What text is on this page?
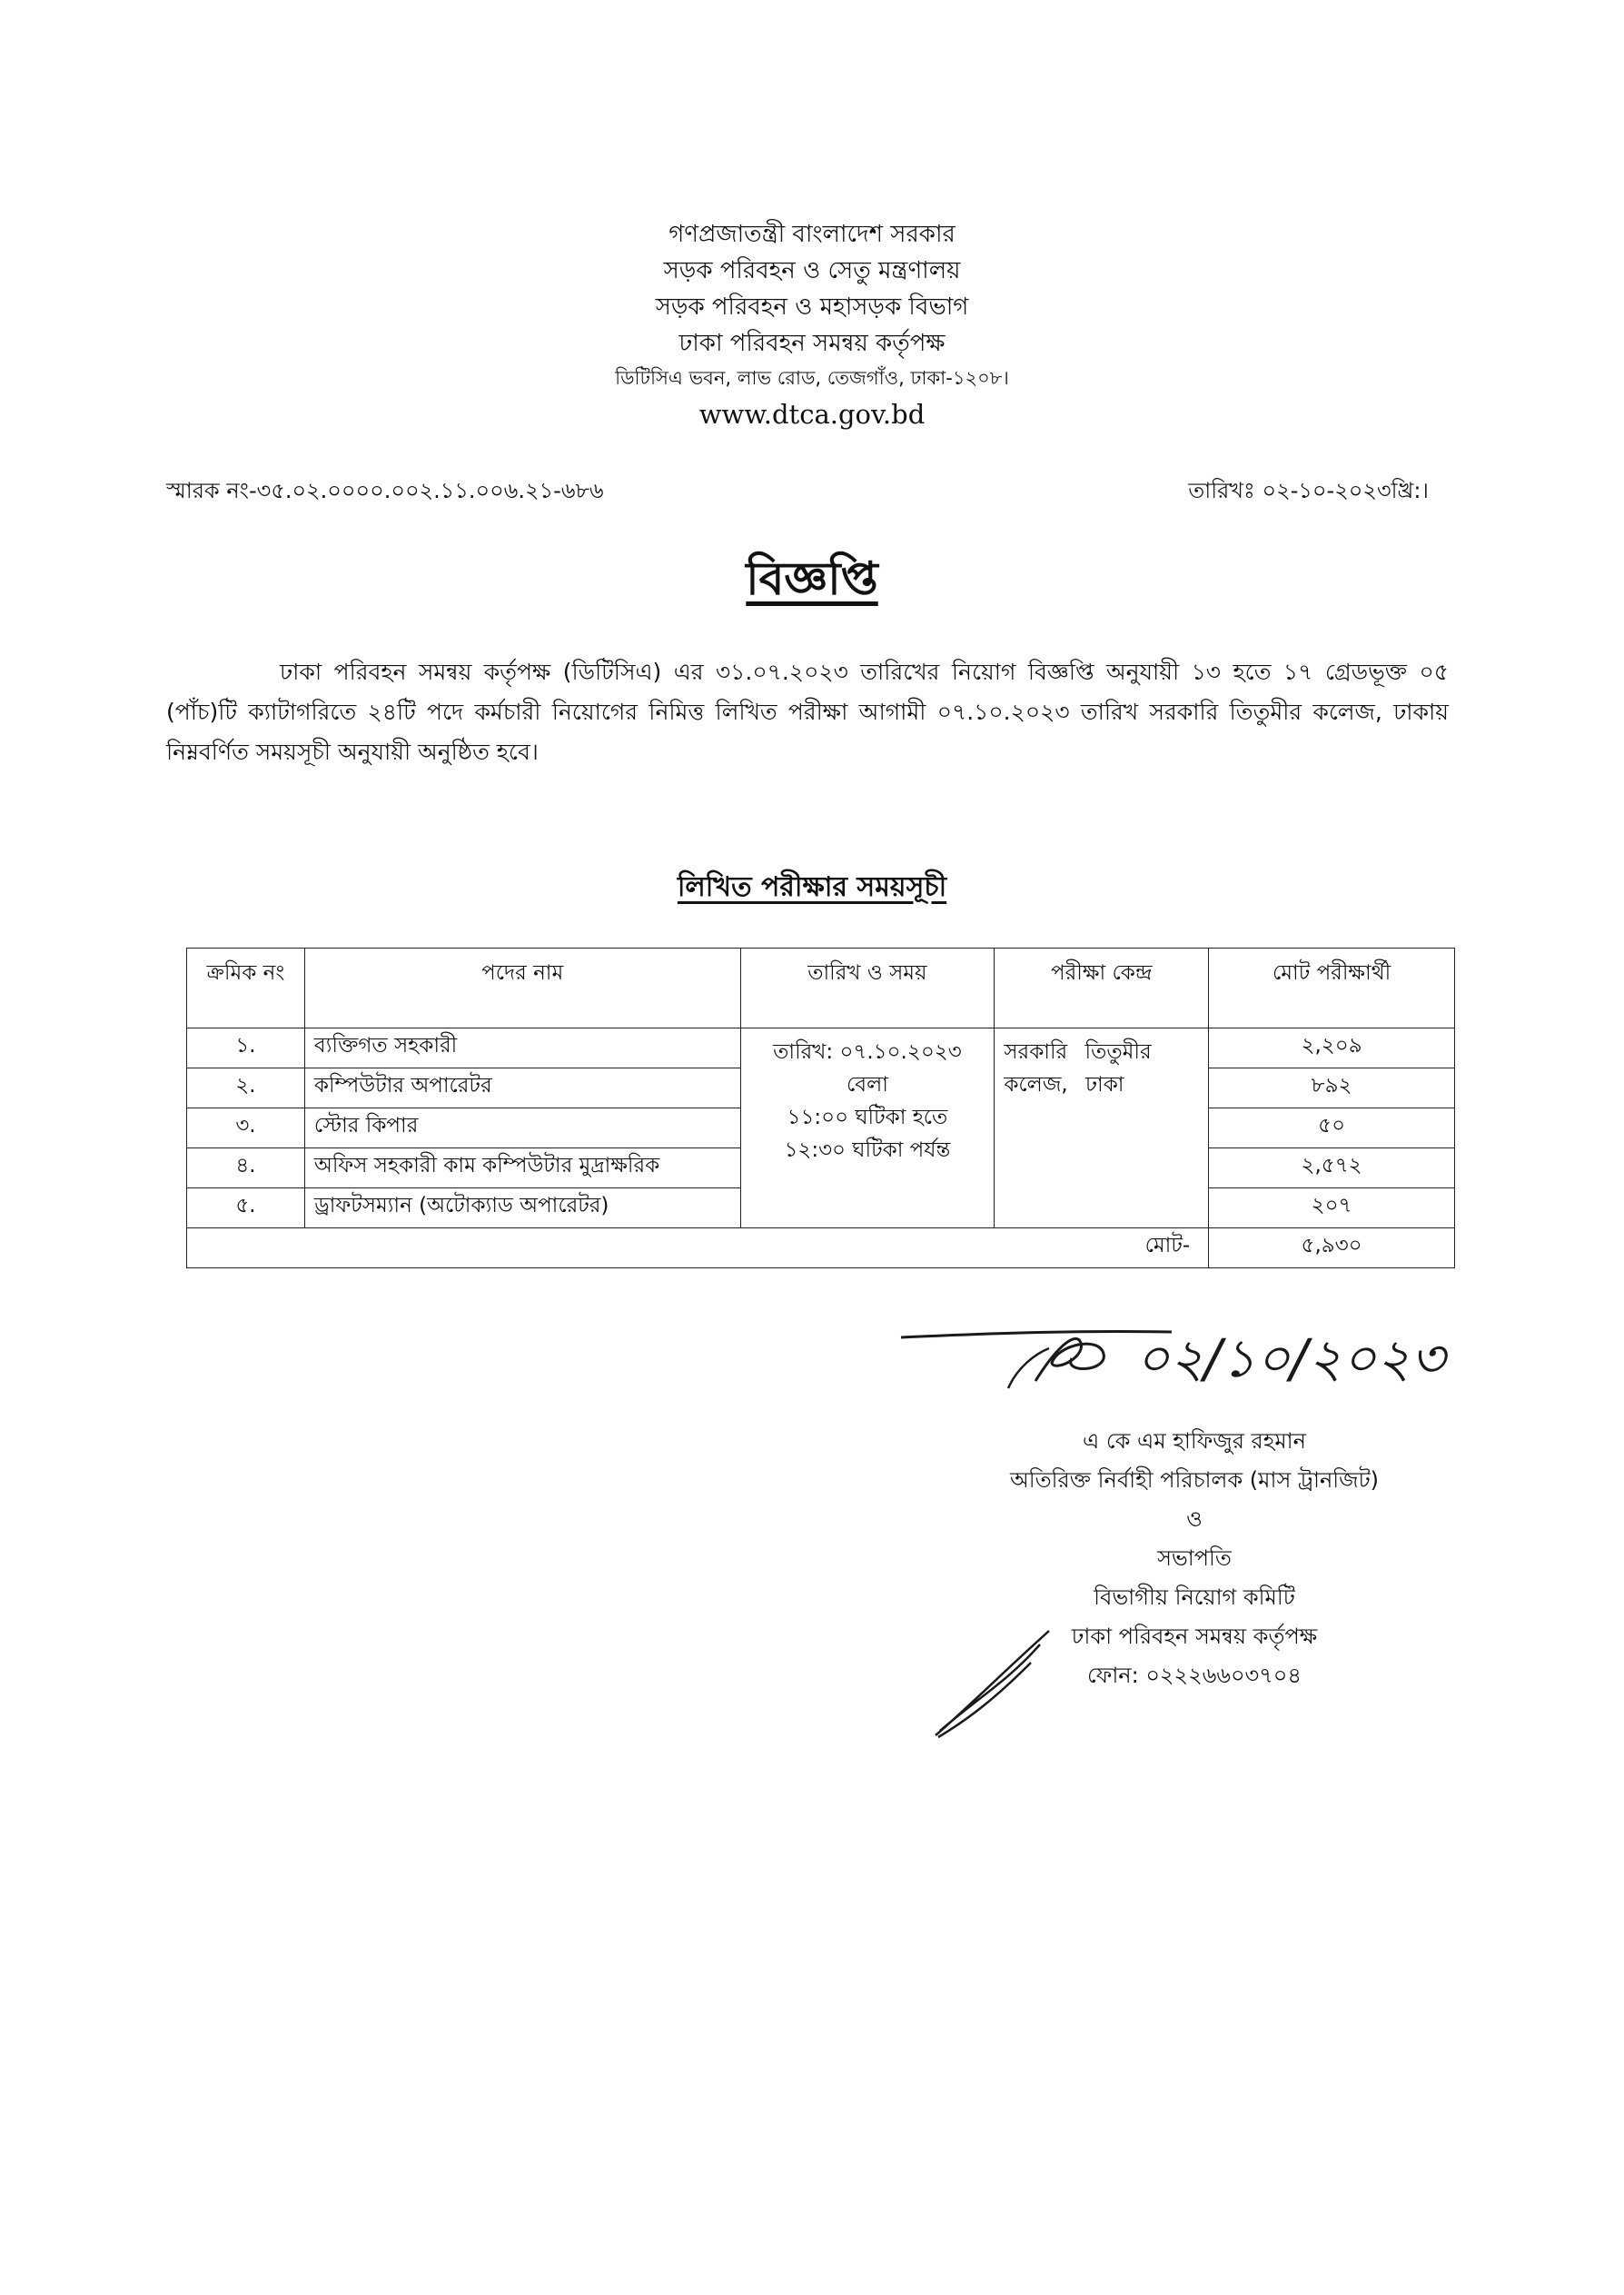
গণপ্রজাতন্ত্রী বাংলাদেশ সরকার
সড়ক পরিবহন ও সেতু মন্ত্রণালয়
সড়ক পরিবহন ও মহাসড়ক বিভাগ
ঢাকা পরিবহন সমন্বয় কর্তৃপক্ষ
ডিটিসিএ ভবন, লাভ রোড, তেজগাঁও, ঢাকা-১২০৮।
www.dtca.gov.bd
স্মারক নং-৩৫.০২.০০০০.০০২.১১.০০৬.২১-৬৮৬	তারিখঃ ০২-১০-২০২৩খ্রি:।
বিজ্ঞপ্তি

ঢাকা পরিবহন সমন্বয় কর্তৃপক্ষ (ডিটিসিএ) এর ৩১.০৭.২০২৩ তারিখের নিয়োগ বিজ্ঞপ্তি অনুযায়ী ১৩ হতে ১৭ গ্রেডভূক্ত ০৫ (পাঁচ)টি ক্যাটাগরিতে ২৪টি পদে কর্মচারী নিয়োগের নিমিত্ত লিখিত পরীক্ষা আগামী ০৭.১০.২০২৩ তারিখ সরকারি তিতুমীর কলেজ, ঢাকায় নিম্নবর্ণিত সময়সূচী অনুযায়ী অনুষ্ঠিত হবে।

লিখিত পরীক্ষার সময়সূচী
ক্রমিক নং	পদের নাম	তারিখ ও সময়	পরীক্ষা কেন্দ্র	মোট পরীক্ষার্থী
১.	ব্যক্তিগত সহকারী	তারিখ: ০৭.১০.২০২৩
বেলা
১১:০০ ঘটিকা হতে
১২:৩০ ঘটিকা পর্যন্ত	সরকারি তিতুমীর কলেজ, ঢাকা	২,২০৯
২.	কম্পিউটার অপারেটর			৮৯২
৩.	স্টোর কিপার			৫০
৪.	অফিস সহকারী কাম কম্পিউটার মুদ্রাক্ষরিক			২,৫৭২
৫.	ড্রাফটসম্যান (অটোক্যাড অপারেটর)			২০৭
মোট-				৫,৯৩০
০২/১০/২০২৩
এ কে এম হাফিজুর রহমান
অতিরিক্ত নির্বাহী পরিচালক (মাস ট্রানজিট)
ও
সভাপতি
বিভাগীয় নিয়োগ কমিটি
ঢাকা পরিবহন সমন্বয় কর্তৃপক্ষ
ফোন: ০২২২৬৬০৩৭০৪
